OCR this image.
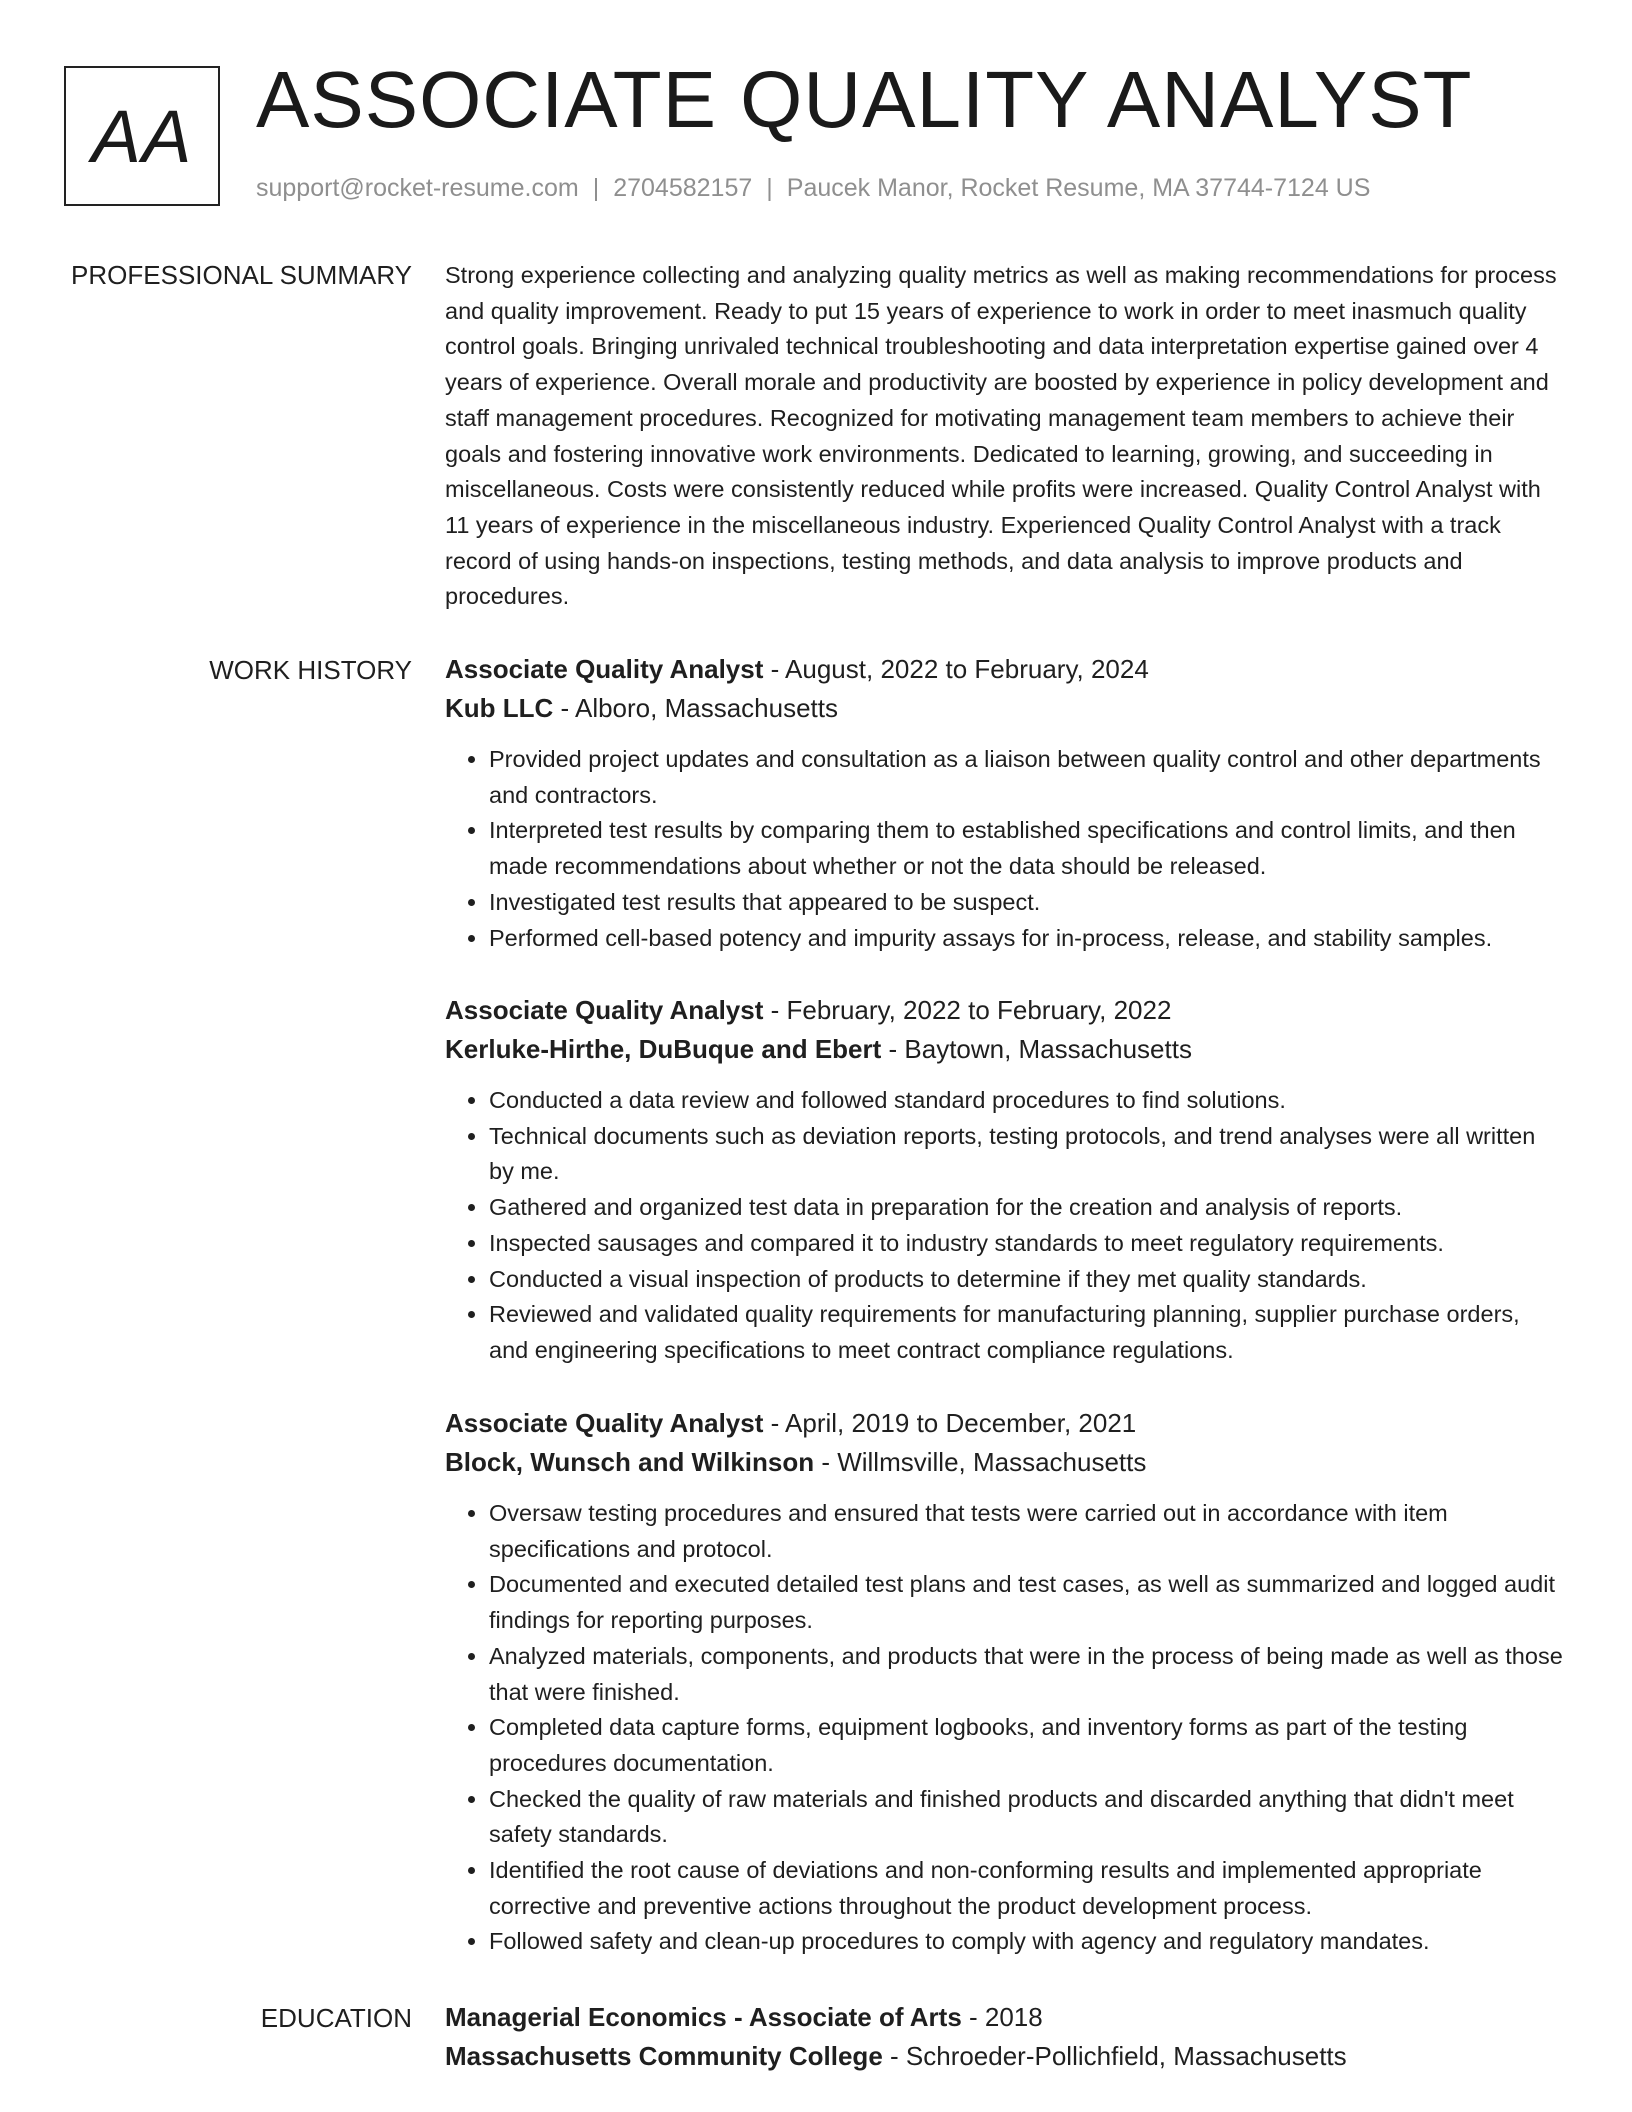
AA ASSOCIATE QUALITY ANALYST
support@rocket-resume.com | 2704582157 | Paucek Manor, Rocket Resume, MA 37744-7124 US
PROFESSIONAL SUMMARY Strong experience collecting and analyzing quality metrics as well as making recommendations for process and quality improvement. Ready to put 15 years of experience to work in order to meet inasmuch quality control goals. Bringing unrivaled technical troubleshooting and data interpretation expertise gained over 4 years of experience. Overall morale and productivity are boosted by experience in policy development and staff management procedures. Recognized for motivating management team members to achieve their goals and fostering innovative work environments. Dedicated to learning, growing, and succeeding in miscellaneous. Costs were consistently reduced while profits were increased. Quality Control Analyst with 11 years of experience in the miscellaneous industry. Experienced Quality Control Analyst with a track record of using hands-on inspections, testing methods, and data analysis to improve products and procedures.

WORK HISTORY Associate Quality Analyst - August, 2022 to February, 2024
Kub LLC - Alboro, Massachusetts
• Provided project updates and consultation as a liaison between quality control and other departments and contractors.
• Interpreted test results by comparing them to established specifications and control limits, and then made recommendations about whether or not the data should be released.
• Investigated test results that appeared to be suspect.
• Performed cell-based potency and impurity assays for in-process, release, and stability samples.
Associate Quality Analyst - February, 2022 to February, 2022
Kerluke-Hirthe, DuBuque and Ebert - Baytown, Massachusetts
• Conducted a data review and followed standard procedures to find solutions.
• Technical documents such as deviation reports, testing protocols, and trend analyses were all written by me.
• Gathered and organized test data in preparation for the creation and analysis of reports.
• Inspected sausages and compared it to industry standards to meet regulatory requirements.
• Conducted a visual inspection of products to determine if they met quality standards.
• Reviewed and validated quality requirements for manufacturing planning, supplier purchase orders, and engineering specifications to meet contract compliance regulations.
Associate Quality Analyst - April, 2019 to December, 2021
Block, Wunsch and Wilkinson - Willmsville, Massachusetts
• Oversaw testing procedures and ensured that tests were carried out in accordance with item specifications and protocol.
• Documented and executed detailed test plans and test cases, as well as summarized and logged audit findings for reporting purposes.
• Analyzed materials, components, and products that were in the process of being made as well as those that were finished.
• Completed data capture forms, equipment logbooks, and inventory forms as part of the testing procedures documentation.
• Checked the quality of raw materials and finished products and discarded anything that didn't meet safety standards.
• Identified the root cause of deviations and non-conforming results and implemented appropriate corrective and preventive actions throughout the product development process.
• Followed safety and clean-up procedures to comply with agency and regulatory mandates.
EDUCATION Managerial Economics - Associate of Arts - 2018
Massachusetts Community College - Schroeder-Pollichfield, Massachusetts
